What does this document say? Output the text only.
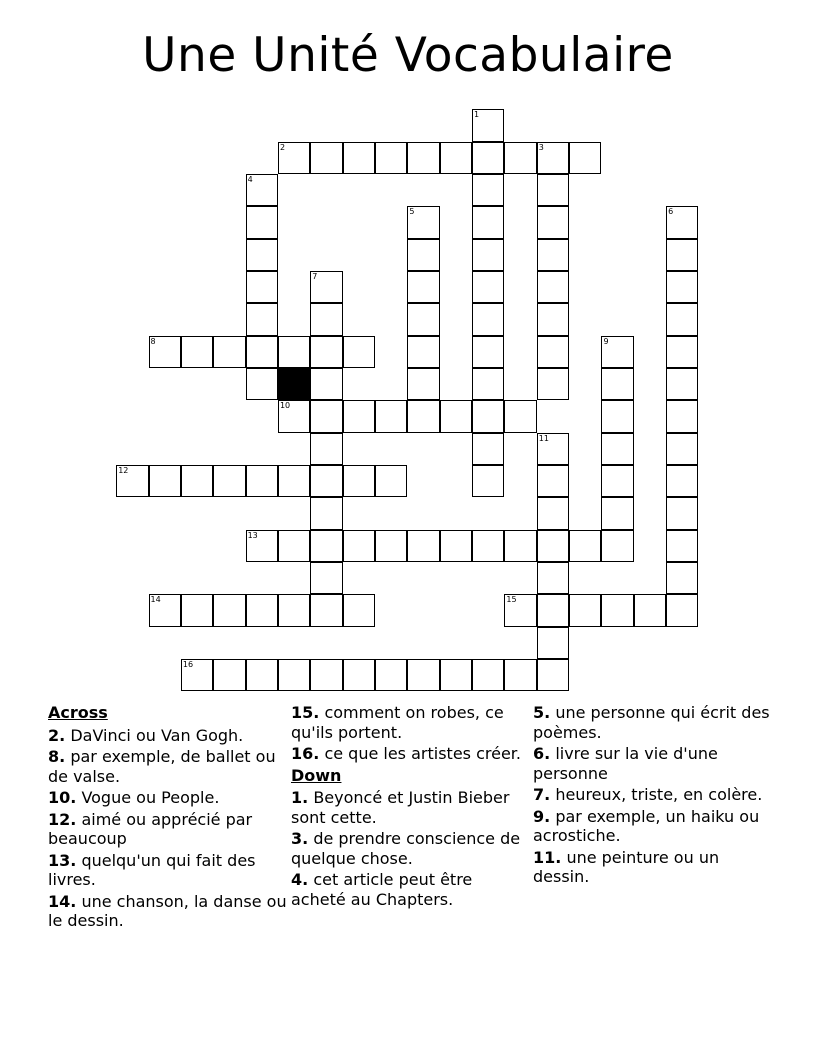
Une Unité Vocabulaire
1
2	3
4
5	6
7
8	9
10
11
12
13
14	15
16
Across
2. DaVinci ou Van Gogh.
8. par exemple, de ballet ou de valse.
10. Vogue ou People.
12. aimé ou apprécié par beaucoup
13. quelqu'un qui fait des livres.
14. une chanson, la danse ou le dessin.
15. comment on robes, ce qu'ils portent.
16. ce que les artistes créer.
Down
1. Beyoncé et Justin Bieber sont cette.
3. de prendre conscience de quelque chose.
4. cet article peut être acheté au Chapters.
5. une personne qui écrit des poèmes.
6. livre sur la vie d'une personne
7. heureux, triste, en colère.
9. par exemple, un haiku ou acrostiche.
11. une peinture ou un dessin.
